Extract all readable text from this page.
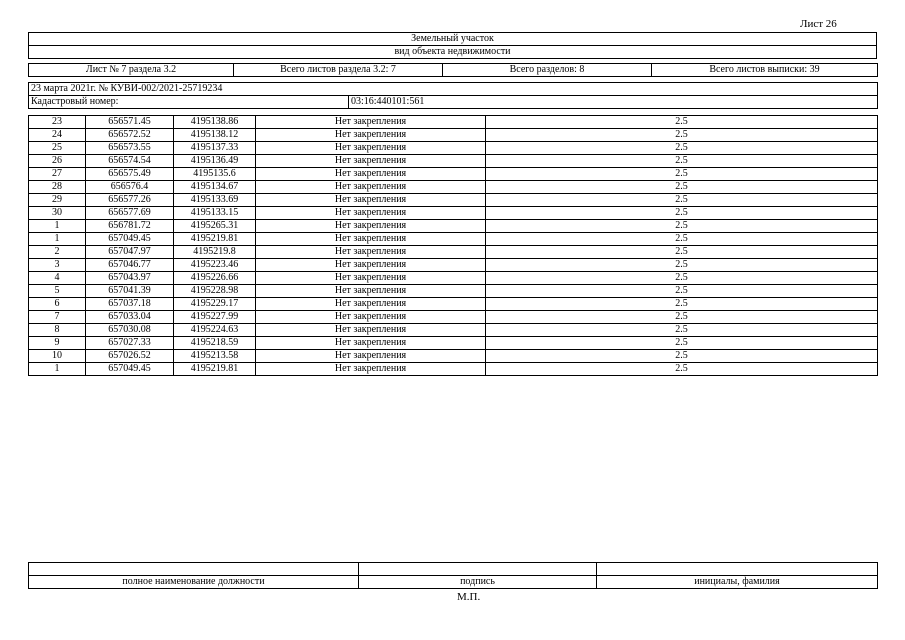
Лист 26
Земельный участок
вид объекта недвижимости
Лист № 7 раздела 3.2	Всего листов раздела 3.2: 7	Всего разделов: 8	Всего листов выписки: 39
23 марта 2021г. № КУВИ-002/2021-25719234
Кадастровый номер:	03:16:440101:561
23	656571.45	4195138.86	Нет закрепления	2.5
24	656572.52	4195138.12	Нет закрепления	2.5
25	656573.55	4195137.33	Нет закрепления	2.5
26	656574.54	4195136.49	Нет закрепления	2.5
27	656575.49	4195135.6	Нет закрепления	2.5
28	656576.4	4195134.67	Нет закрепления	2.5
29	656577.26	4195133.69	Нет закрепления	2.5
30	656577.69	4195133.15	Нет закрепления	2.5
1	656781.72	4195265.31	Нет закрепления	2.5
1	657049.45	4195219.81	Нет закрепления	2.5
2	657047.97	4195219.8	Нет закрепления	2.5
3	657046.77	4195223.46	Нет закрепления	2.5
4	657043.97	4195226.66	Нет закрепления	2.5
5	657041.39	4195228.98	Нет закрепления	2.5
6	657037.18	4195229.17	Нет закрепления	2.5
7	657033.04	4195227.99	Нет закрепления	2.5
8	657030.08	4195224.63	Нет закрепления	2.5
9	657027.33	4195218.59	Нет закрепления	2.5
10	657026.52	4195213.58	Нет закрепления	2.5
1	657049.45	4195219.81	Нет закрепления	2.5

полное наименование должности	подпись	инициалы, фамилия
М.П.
